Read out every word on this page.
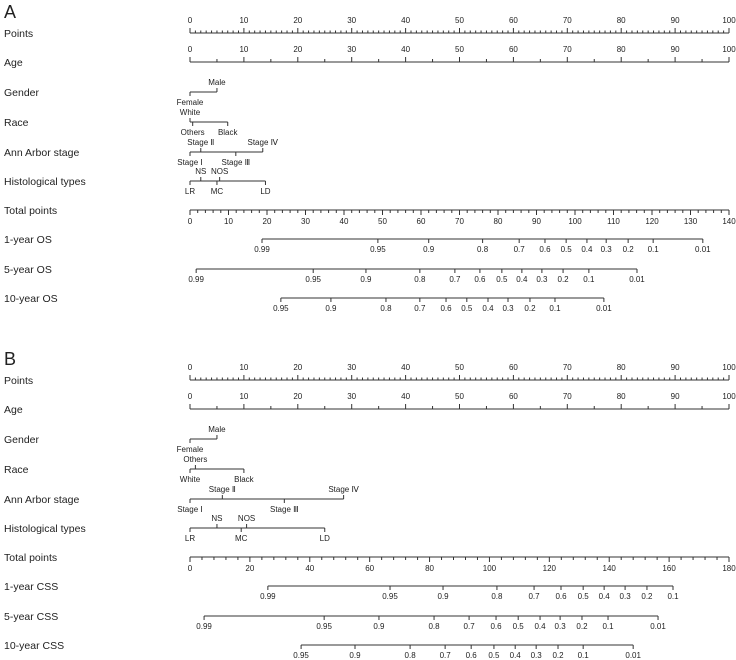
A
Points
0	10	20	30	40	50	60	70	80	90	100
Age
0	10	20	30	40	50	60	70	80	90	100
Gender
Female
Male
Race
White
Others Black
Ann Arbor stage
Stage Ⅰ
Stage Ⅱ
Stage Ⅲ
Stage Ⅳ
Histological types
LR
NS
MC
NOS
LD
Total points
0	10	20	30	40	50	60	70	80	90	100	110	120	130	140
1-year OS
0.99	0.95	0.9	0.8	0.7 0.6 0.5 0.4 0.3 0.2 0.1	0.01
5-year OS
0.99	0.95	0.9	0.8	0.7 0.6 0.5 0.4 0.3 0.2 0.1	0.01
10-year OS
0.95	0.9	0.8	0.7 0.6 0.5 0.4 0.3 0.2 0.1	0.01
B
Points
0	10	20	30	40	50	60	70	80	90	100
Age
0	10	20	30	40	50	60	70	80	90	100
Gender
Female
Male
Race
White
Others
Black
Ann Arbor stage
Stage Ⅰ
Stage Ⅱ
Stage Ⅲ
Stage Ⅳ
Histological types
LR
NS
MC
NOS
LD
Total points
0	20	40	60	80	100	120	140	160	180
1-year CSS
0.99	0.95	0.9	0.8	0.7 0.6 0.5 0.4 0.3 0.2 0.1
5-year CSS
0.99	0.95	0.9	0.8	0.7 0.6 0.5 0.4 0.3 0.2 0.1	0.01
10-year CSS
0.95	0.9	0.8	0.7 0.6 0.5 0.4 0.3 0.2 0.1	0.01
